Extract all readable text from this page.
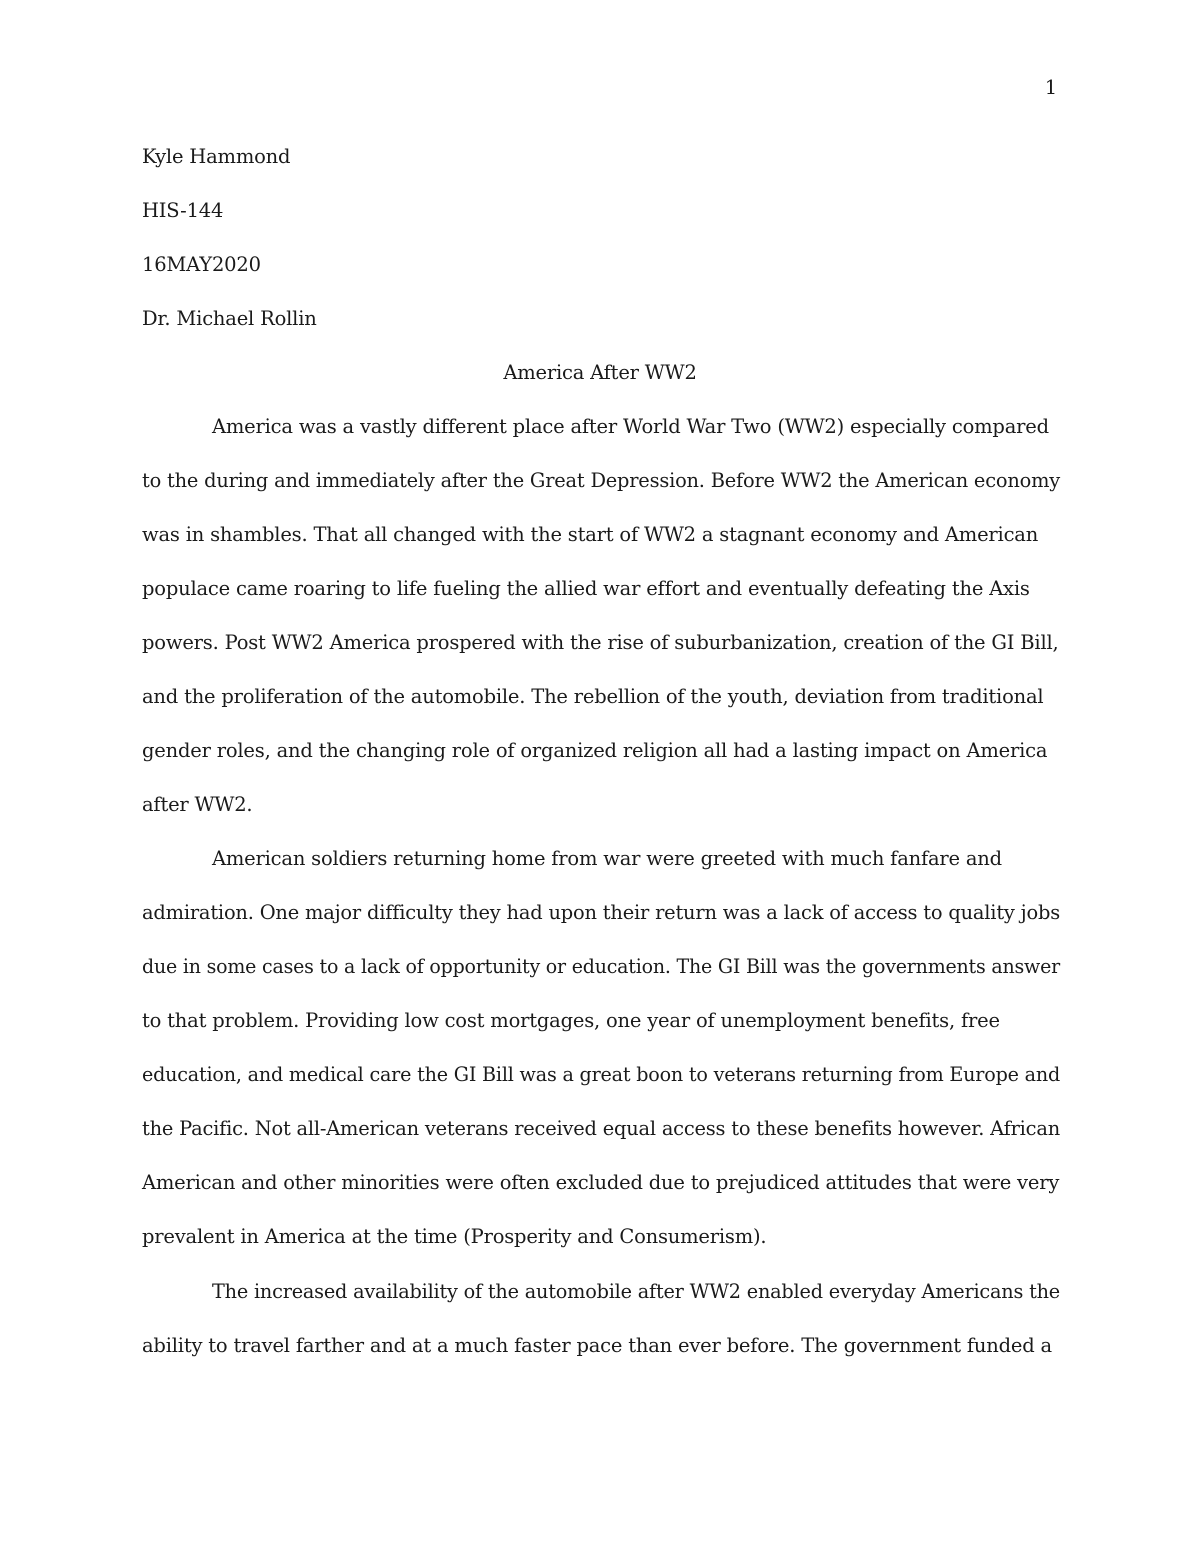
1

Kyle Hammond

HIS-144

16MAY2020

Dr. Michael Rollin

America After WW2

America was a vastly different place after World War Two (WW2) especially compared

to the during and immediately after the Great Depression. Before WW2 the American economy

was in shambles. That all changed with the start of WW2 a stagnant economy and American

populace came roaring to life fueling the allied war effort and eventually defeating the Axis

powers. Post WW2 America prospered with the rise of suburbanization, creation of the GI Bill,

and the proliferation of the automobile. The rebellion of the youth, deviation from traditional

gender roles, and the changing role of organized religion all had a lasting impact on America

after WW2.

American soldiers returning home from war were greeted with much fanfare and

admiration. One major difficulty they had upon their return was a lack of access to quality jobs

due in some cases to a lack of opportunity or education. The GI Bill was the governments answer

to that problem. Providing low cost mortgages, one year of unemployment benefits, free

education, and medical care the GI Bill was a great boon to veterans returning from Europe and

the Pacific. Not all-American veterans received equal access to these benefits however. African

American and other minorities were often excluded due to prejudiced attitudes that were very

prevalent in America at the time (Prosperity and Consumerism).

The increased availability of the automobile after WW2 enabled everyday Americans the

ability to travel farther and at a much faster pace than ever before. The government funded a
